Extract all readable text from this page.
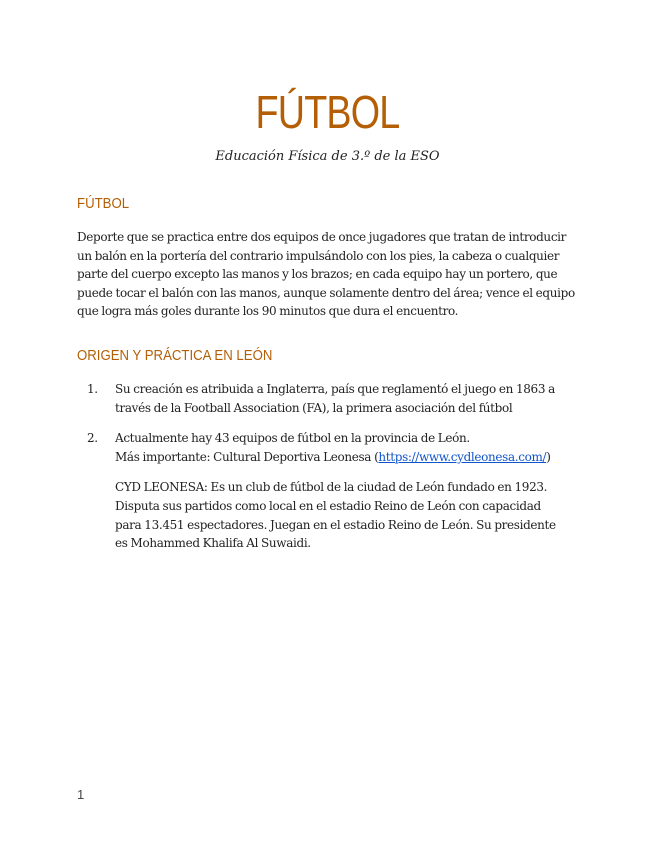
FÚTBOL
Educación Física de 3.º de la ESO
FÚTBOL
Deporte que se practica entre dos equipos de once jugadores que tratan de introducir un balón en la portería del contrario impulsándolo con los pies, la cabeza o cualquier parte del cuerpo excepto las manos y los brazos; en cada equipo hay un portero, que puede tocar el balón con las manos, aunque solamente dentro del área; vence el equipo que logra más goles durante los 90 minutos que dura el encuentro.
ORIGEN Y PRÁCTICA EN LEÓN
1. Su creación es atribuida a Inglaterra, país que reglamentó el juego en 1863 a través de la Football Association (FA), la primera asociación del fútbol
2. Actualmente hay 43 equipos de fútbol en la provincia de León.
Más importante: Cultural Deportiva Leonesa (https://www.cydleonesa.com/)
CYD LEONESA: Es un club de fútbol de la ciudad de León fundado en 1923. Disputa sus partidos como local en el estadio Reino de León con capacidad para 13.451 espectadores. Juegan en el estadio Reino de León. Su presidente es Mohammed Khalifa Al Suwaidi.
1
